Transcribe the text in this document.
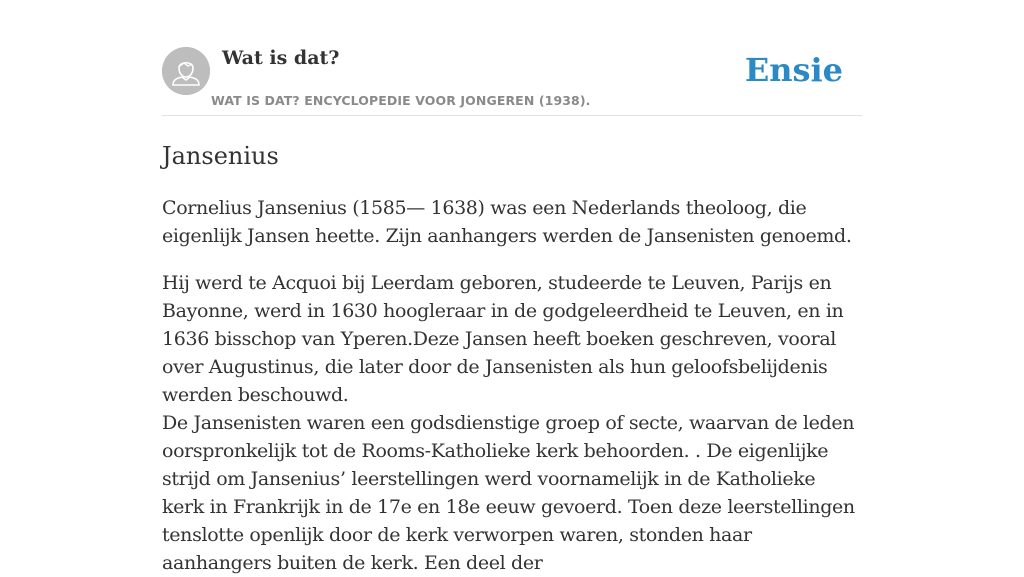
Wat is dat?
WAT IS DAT? ENCYCLOPEDIE VOOR JONGEREN (1938).
Ensie
Jansenius

Cornelius Jansenius (1585— 1638) was een Nederlands theoloog, die eigenlijk Jansen heette. Zijn aanhangers werden de Jansenisten genoemd.

Hij werd te Acquoi bij Leerdam geboren, studeerde te Leuven, Parijs en Bayonne, werd in 1630 hoogleraar in de godgeleerdheid te Leuven, en in 1636 bisschop van Yperen.Deze Jansen heeft boeken geschreven, vooral over Augustinus, die later door de Jansenisten als hun geloofsbelijdenis werden beschouwd.
De Jansenisten waren een godsdienstige groep of secte, waarvan de leden oorspronkelijk tot de Rooms-Katholieke kerk behoorden. . De eigenlijke strijd om Jansenius’ leerstellingen werd voornamelijk in de Katholieke kerk in Frankrijk in de 17e en 18e eeuw gevoerd. Toen deze leerstellingen tenslotte openlijk door de kerk verworpen waren, stonden haar aanhangers buiten de kerk. Een deel der
